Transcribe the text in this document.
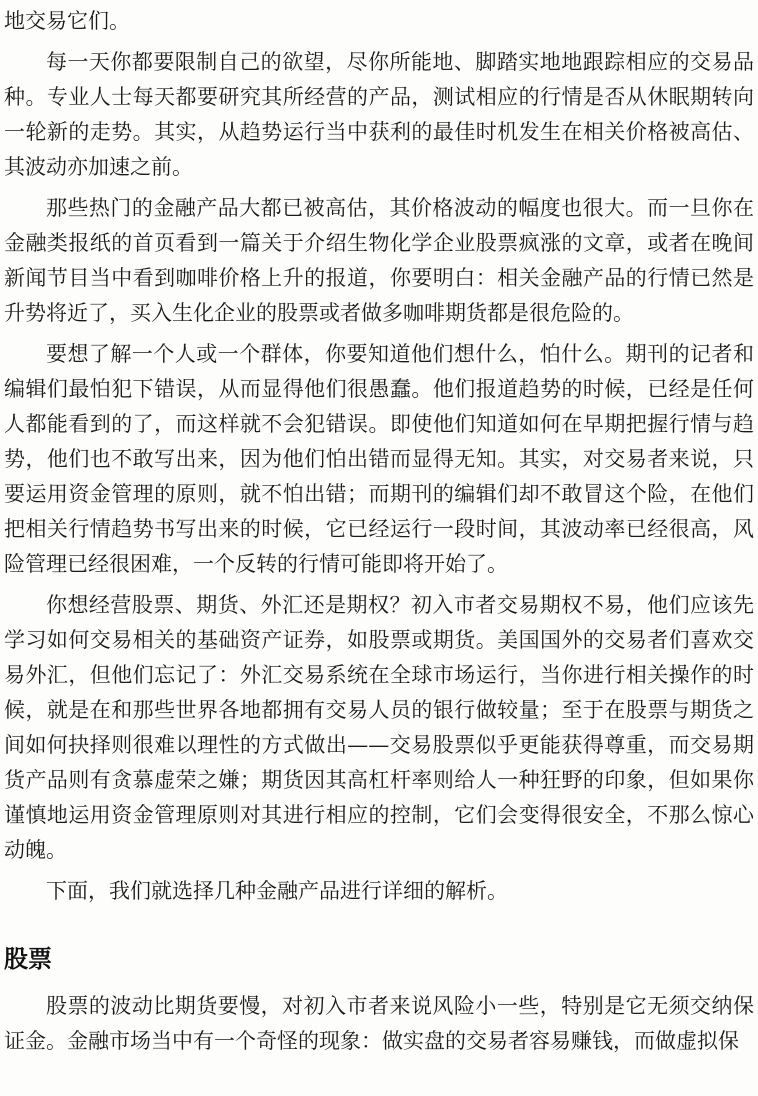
地交易它们。

每一天你都要限制自己的欲望，尽你所能地、脚踏实地地跟踪相应的交易品种。专业人士每天都要研究其所经营的产品，测试相应的行情是否从休眠期转向一轮新的走势。其实，从趋势运行当中获利的最佳时机发生在相关价格被高估、其波动亦加速之前。

那些热门的金融产品大都已被高估，其价格波动的幅度也很大。而一旦你在金融类报纸的首页看到一篇关于介绍生物化学企业股票疯涨的文章，或者在晚间新闻节目当中看到咖啡价格上升的报道，你要明白：相关金融产品的行情已然是升势将近了，买入生化企业的股票或者做多咖啡期货都是很危险的。

要想了解一个人或一个群体，你要知道他们想什么，怕什么。期刊的记者和编辑们最怕犯下错误，从而显得他们很愚蠢。他们报道趋势的时候，已经是任何人都能看到的了，而这样就不会犯错误。即使他们知道如何在早期把握行情与趋势，他们也不敢写出来，因为他们怕出错而显得无知。其实，对交易者来说，只要运用资金管理的原则，就不怕出错；而期刊的编辑们却不敢冒这个险，在他们把相关行情趋势书写出来的时候，它已经运行一段时间，其波动率已经很高，风险管理已经很困难，一个反转的行情可能即将开始了。

你想经营股票、期货、外汇还是期权？初入市者交易期权不易，他们应该先学习如何交易相关的基础资产证券，如股票或期货。美国国外的交易者们喜欢交易外汇，但他们忘记了：外汇交易系统在全球市场运行，当你进行相关操作的时候，就是在和那些世界各地都拥有交易人员的银行做较量；至于在股票与期货之间如何抉择则很难以理性的方式做出——交易股票似乎更能获得尊重，而交易期货产品则有贪慕虚荣之嫌；期货因其高杠杆率则给人一种狂野的印象，但如果你谨慎地运用资金管理原则对其进行相应的控制，它们会变得很安全，不那么惊心动魄。

下面，我们就选择几种金融产品进行详细的解析。

股票

股票的波动比期货要慢，对初入市者来说风险小一些，特别是它无须交纳保证金。金融市场当中有一个奇怪的现象：做实盘的交易者容易赚钱，而做虚拟保
